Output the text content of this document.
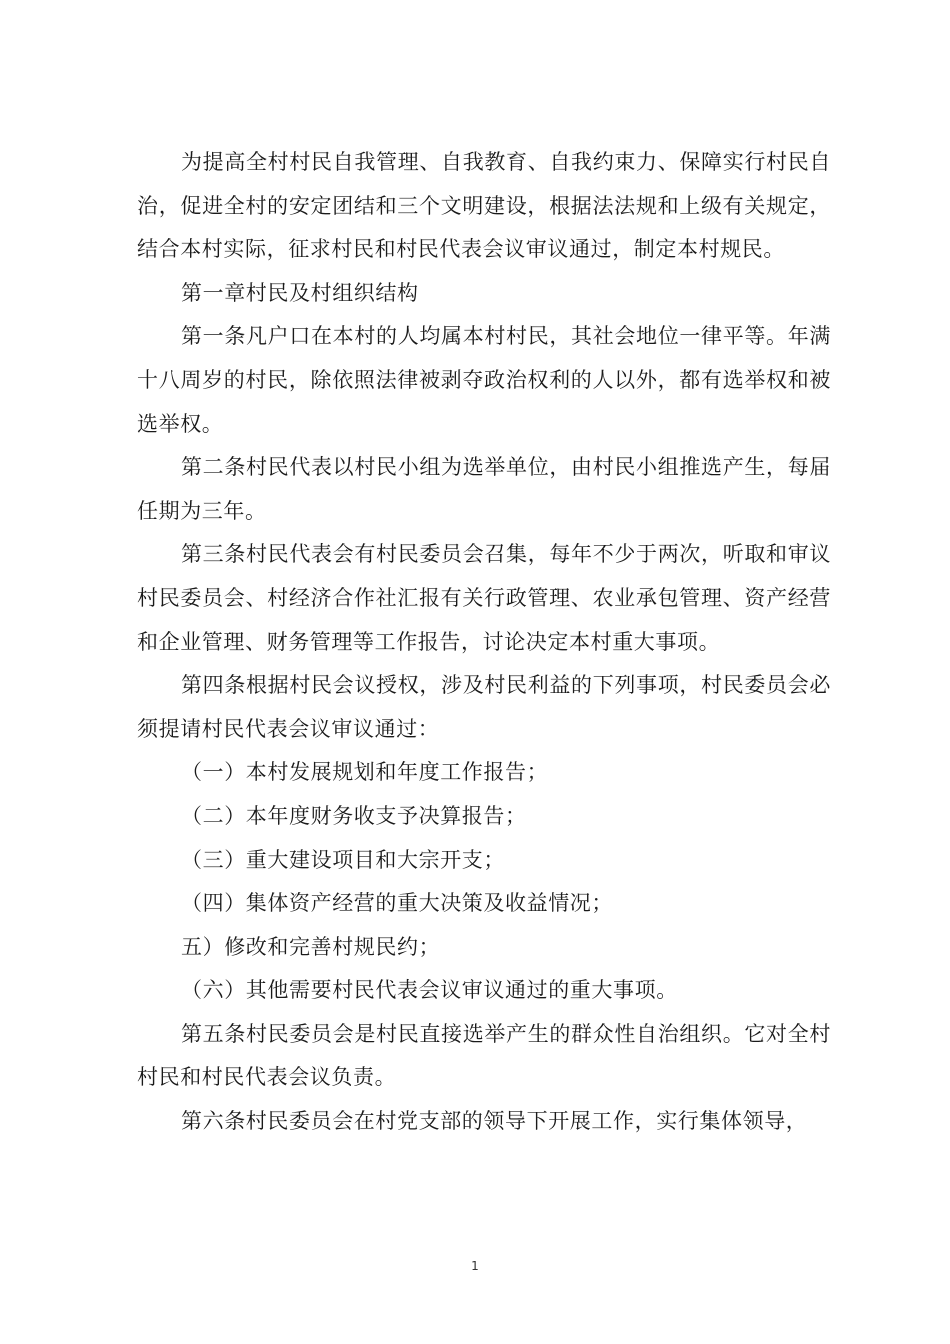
为提高全村村民自我管理、自我教育、自我约束力、保障实行村民自治，促进全村的安定团结和三个文明建设，根据法法规和上级有关规定，结合本村实际，征求村民和村民代表会议审议通过，制定本村规民。

第一章村民及村组织结构

第一条凡户口在本村的人均属本村村民，其社会地位一律平等。年满十八周岁的村民，除依照法律被剥夺政治权利的人以外，都有选举权和被选举权。

第二条村民代表以村民小组为选举单位，由村民小组推选产生，每届任期为三年。

第三条村民代表会有村民委员会召集，每年不少于两次，听取和审议村民委员会、村经济合作社汇报有关行政管理、农业承包管理、资产经营和企业管理、财务管理等工作报告，讨论决定本村重大事项。

第四条根据村民会议授权，涉及村民利益的下列事项，村民委员会必须提请村民代表会议审议通过：

（一）本村发展规划和年度工作报告；

（二）本年度财务收支予决算报告；

（三）重大建设项目和大宗开支；

（四）集体资产经营的重大决策及收益情况；

五）修改和完善村规民约；

（六）其他需要村民代表会议审议通过的重大事项。

第五条村民委员会是村民直接选举产生的群众性自治组织。它对全村村民和村民代表会议负责。

第六条村民委员会在村党支部的领导下开展工作，实行集体领导，

1
